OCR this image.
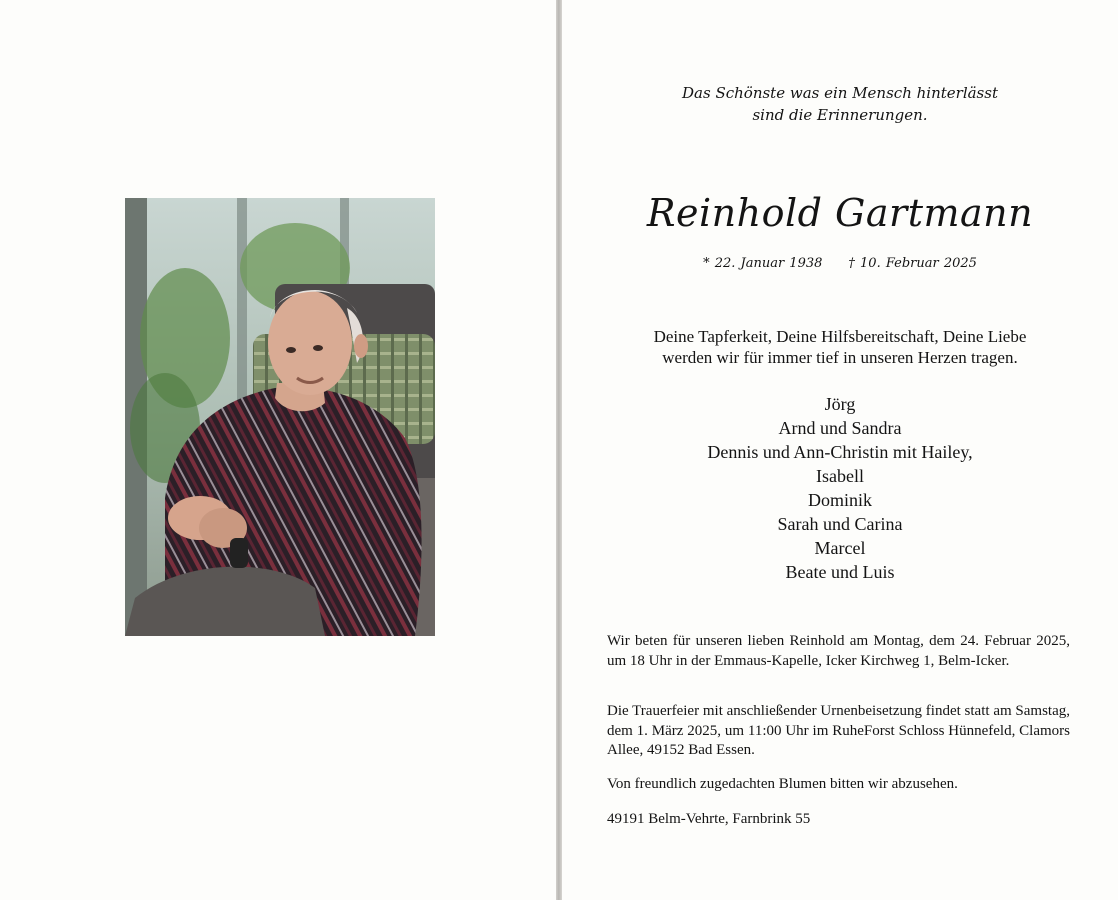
Das Schönste was ein Mensch hinterlässt
sind die Erinnerungen.
Reinhold Gartmann
* 22. Januar 1938 † 10. Februar 2025
Deine Tapferkeit, Deine Hilfsbereitschaft, Deine Liebe
werden wir für immer tief in unseren Herzen tragen.
Jörg
Arnd und Sandra
Dennis und Ann-Christin mit Hailey,
Isabell
Dominik
Sarah und Carina
Marcel
Beate und Luis
Wir beten für unseren lieben Reinhold am Montag, dem 24. Februar 2025, um 18 Uhr in der Emmaus-Kapelle, Icker Kirchweg 1, Belm-Icker.
Die Trauerfeier mit anschließender Urnenbeisetzung findet statt am Samstag, dem 1. März 2025, um 11:00 Uhr im RuheForst Schloss Hünnefeld, Clamors Allee, 49152 Bad Essen.
Von freundlich zugedachten Blumen bitten wir abzusehen.
49191 Belm-Vehrte, Farnbrink 55
